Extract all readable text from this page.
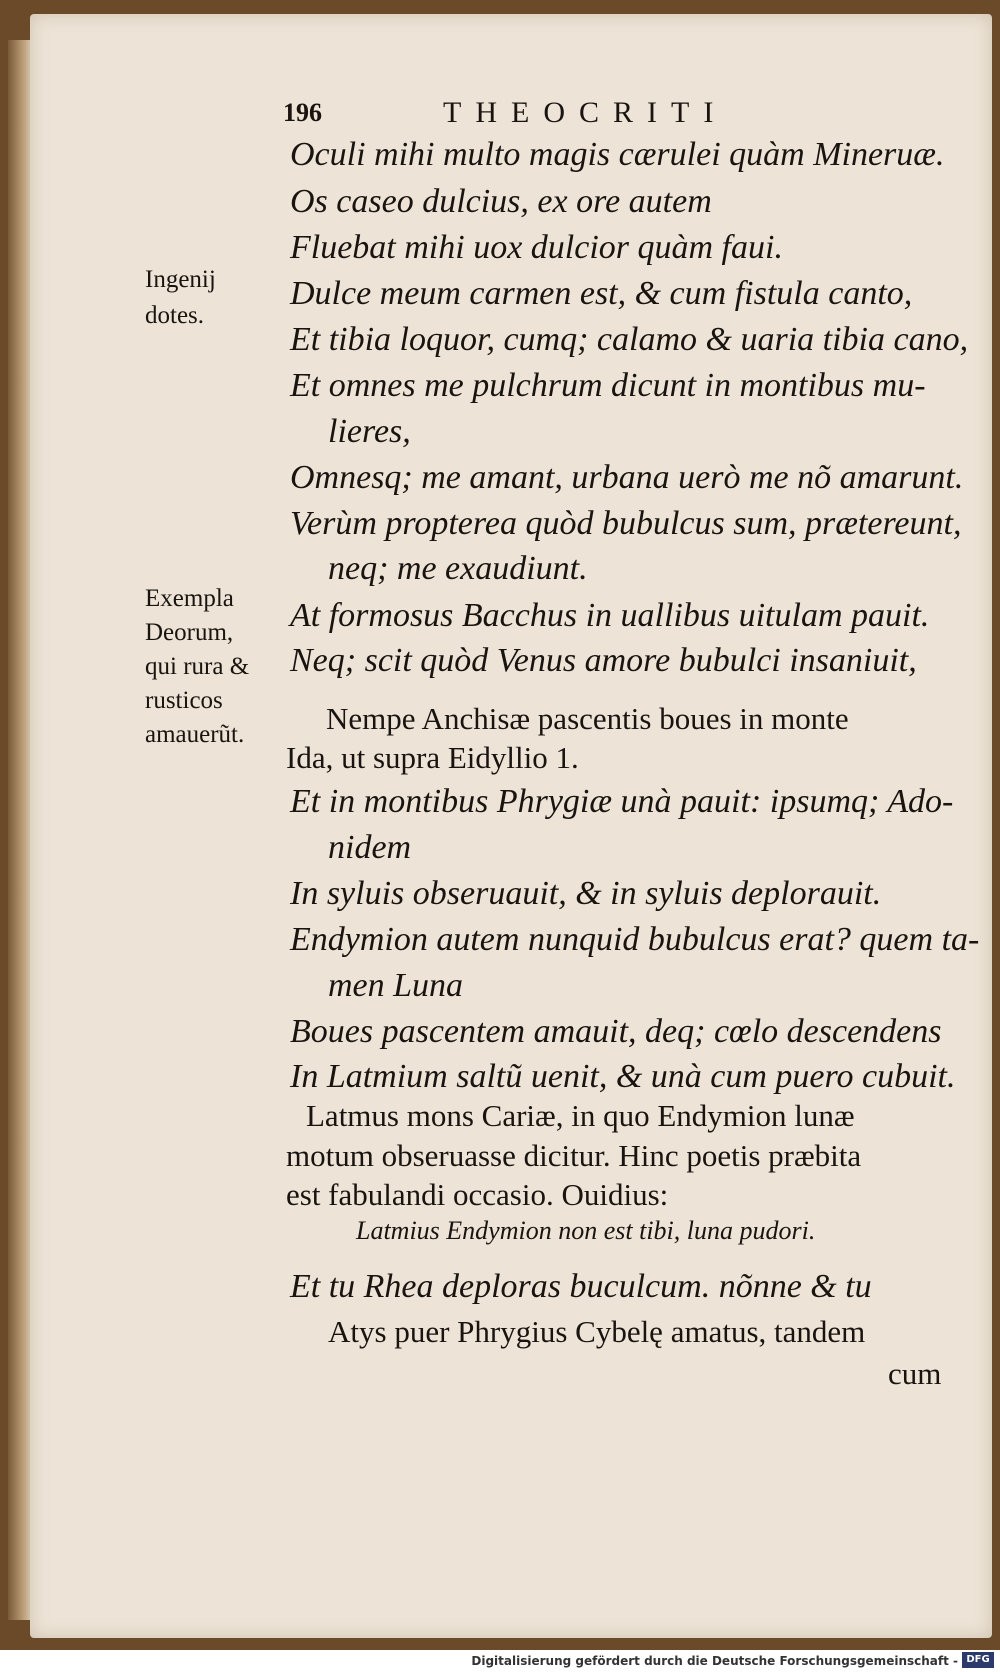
196	THEOCRITI
Ingenij
dotes.
Exempla
Deorum,
qui rura &
rusticos
amauerũt.
Oculi mihi multo magis cærulei quàm Mineruæ.
Os caseo dulcius, ex ore autem
Fluebat mihi uox dulcior quàm faui.
Dulce meum carmen est, & cum fistula canto,
Et tibia loquor, cumq; calamo & uaria tibia cano,
Et omnes me pulchrum dicunt in montibus mu-
lieres,
Omnesq; me amant, urbana uerò me nõ amarunt.
Verùm propterea quòd bubulcus sum, prætereunt,
neq; me exaudiunt.
At formosus Bacchus in uallibus uitulam pauit.
Neq; scit quòd Venus amore bubulci insaniuit,
Nempe Anchisæ pascentis boues in monte
Ida, ut supra Eidyllio 1.
Et in montibus Phrygiæ unà pauit: ipsumq; Ado-
nidem
In syluis obseruauit, & in syluis deplorauit.
Endymion autem nunquid bubulcus erat? quem ta-
men Luna
Boues pascentem amauit, deq; cœlo descendens
In Latmium saltũ uenit, & unà cum puero cubuit.
Latmus mons Cariæ, in quo Endymion lunæ
motum obseruasse dicitur. Hinc poetis præbita
est fabulandi occasio. Ouidius:
Latmius Endymion non est tibi, luna pudori.
Et tu Rhea deploras buculcum. nõnne & tu
Atys puer Phrygius Cybelę amatus, tandem
cum
Digitalisierung gefördert durch die Deutsche Forschungsgemeinschaft - DFG
